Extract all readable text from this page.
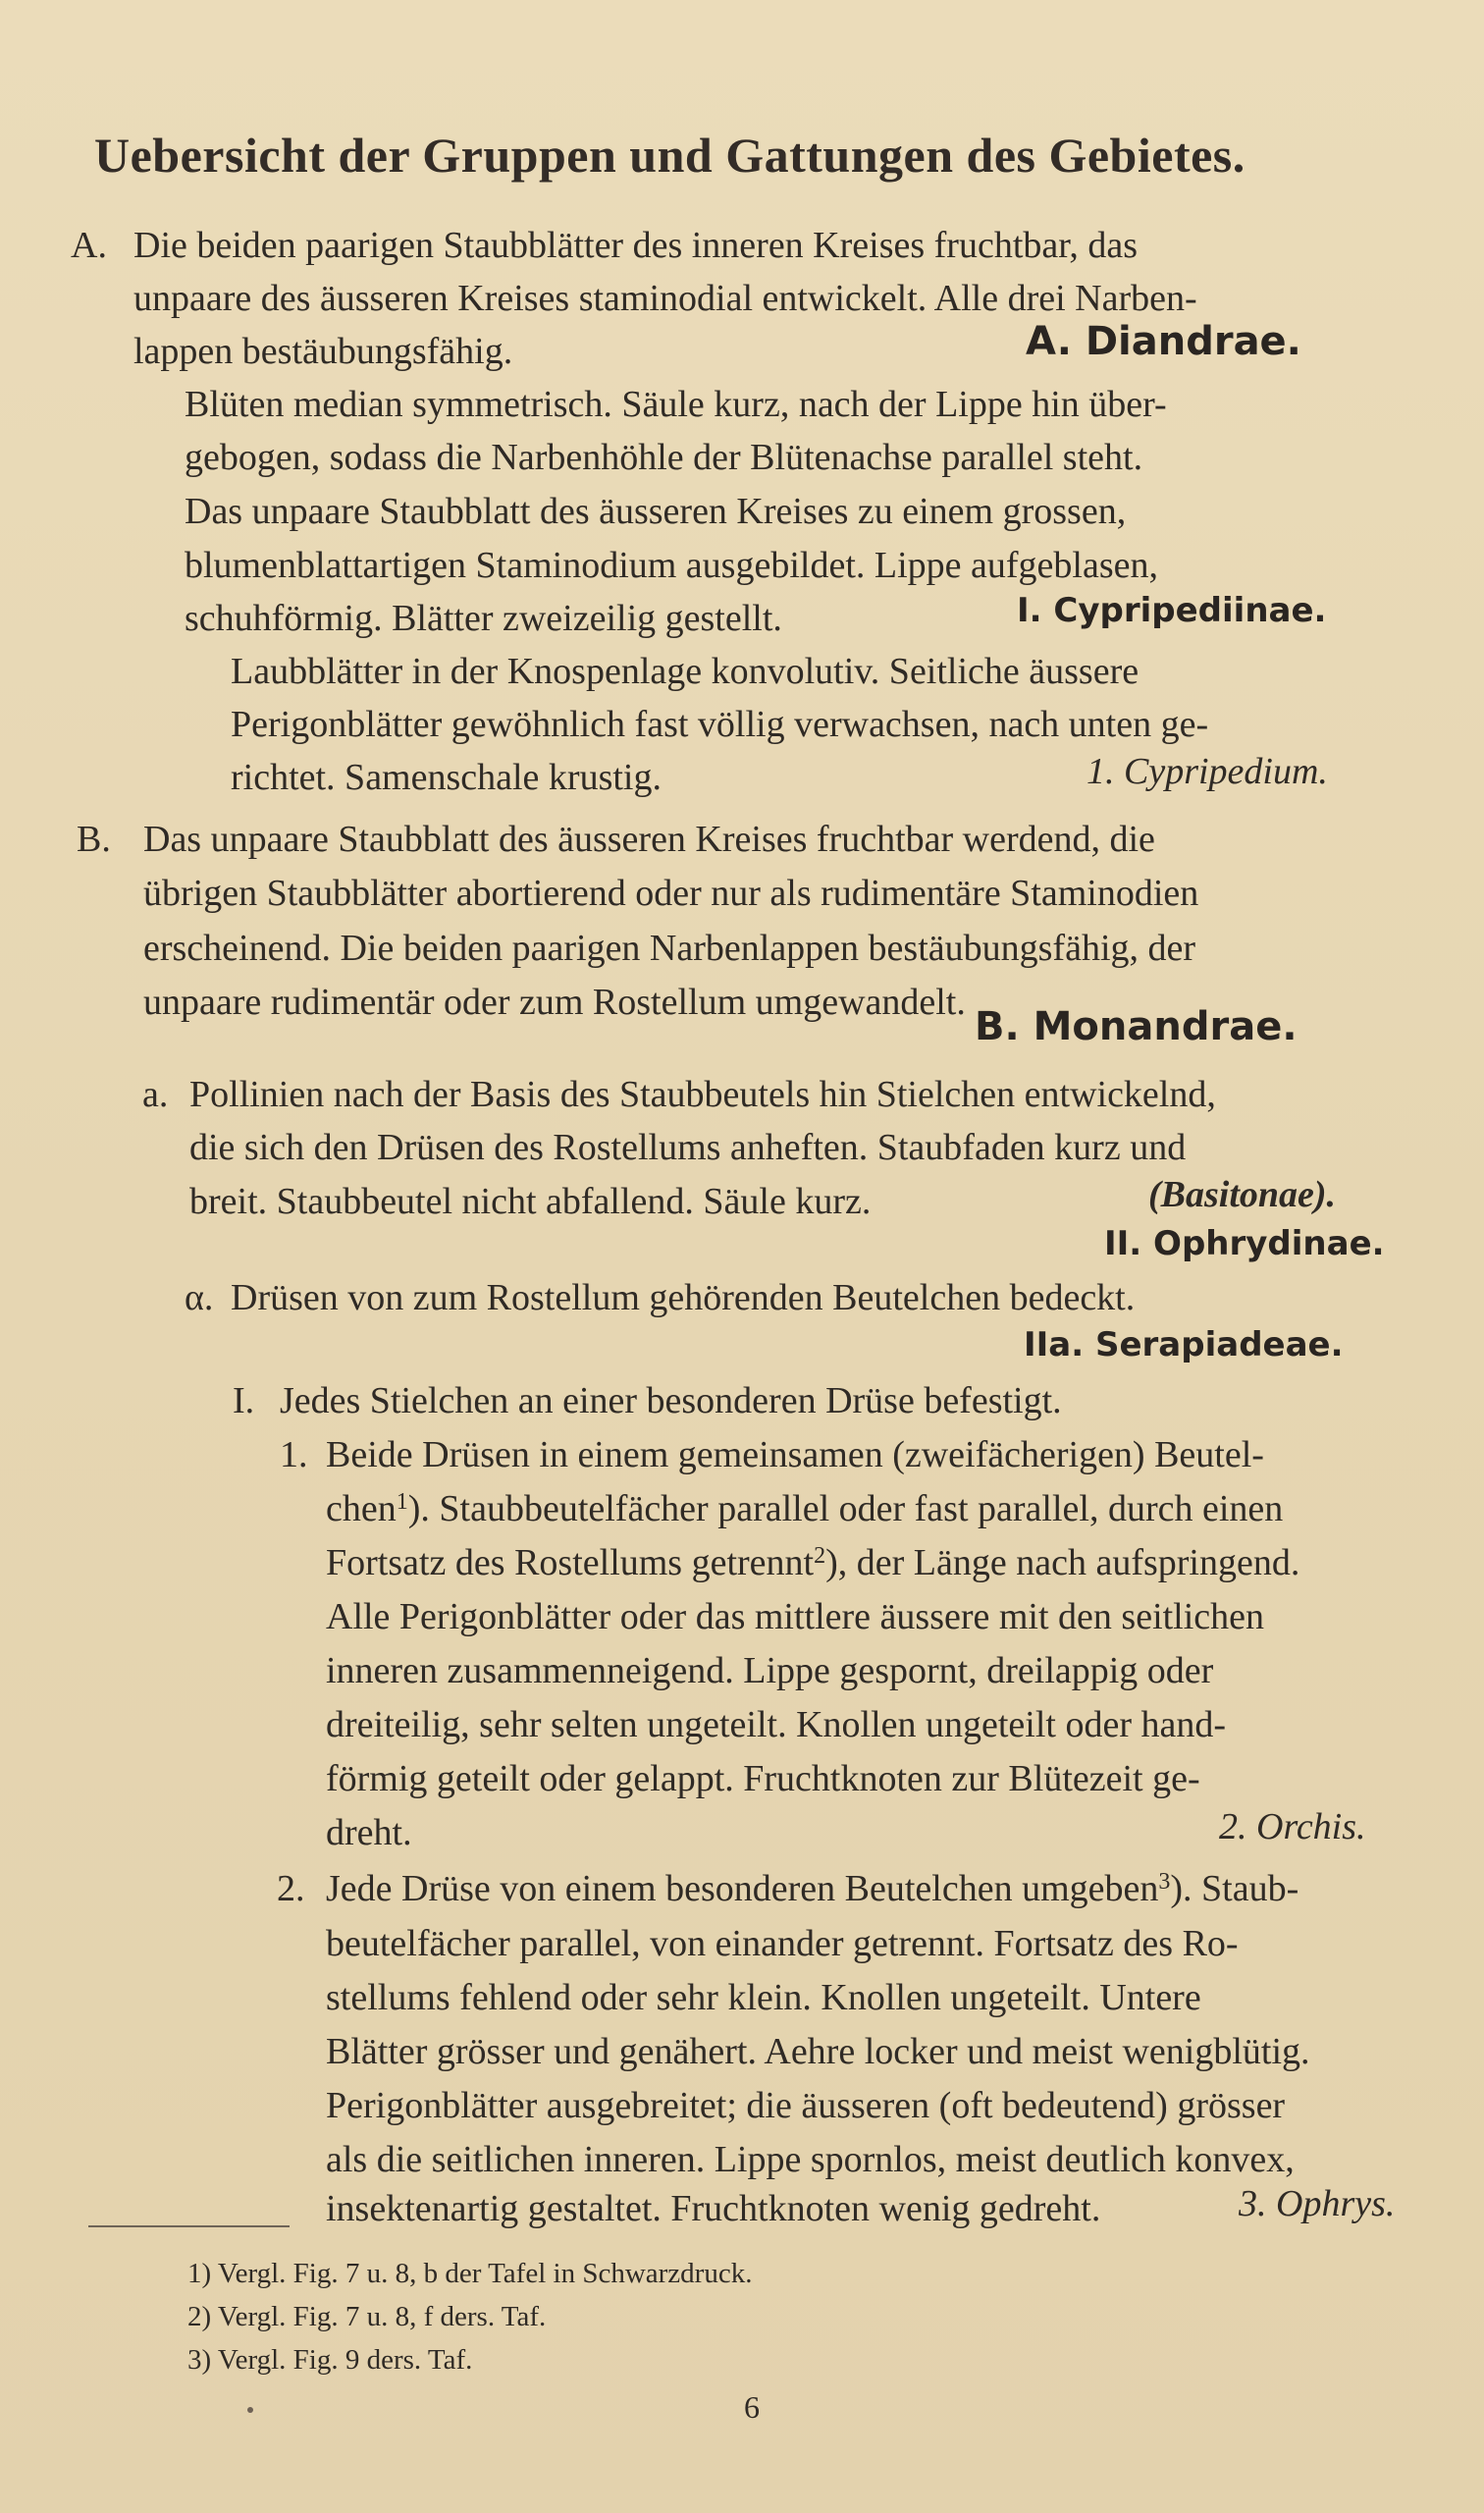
Uebersicht der Gruppen und Gattungen des Gebietes.
A. Die beiden paarigen Staubblätter des inneren Kreises fruchtbar, das
unpaare des äusseren Kreises staminodial entwickelt. Alle drei Narben-
lappen bestäubungsfähig.	A. Diandrae.
Blüten median symmetrisch. Säule kurz, nach der Lippe hin über-
gebogen, sodass die Narbenhöhle der Blütenachse parallel steht.
Das unpaare Staubblatt des äusseren Kreises zu einem grossen,
blumenblattartigen Staminodium ausgebildet. Lippe aufgeblasen,
schuhförmig. Blätter zweizeilig gestellt.	I. Cypripediinae.
Laubblätter in der Knospenlage konvolutiv. Seitliche äussere
Perigonblätter gewöhnlich fast völlig verwachsen, nach unten ge-
richtet. Samenschale krustig.	1. Cypripedium.
B. Das unpaare Staubblatt des äusseren Kreises fruchtbar werdend, die
übrigen Staubblätter abortierend oder nur als rudimentäre Staminodien
erscheinend. Die beiden paarigen Narbenlappen bestäubungsfähig, der
unpaare rudimentär oder zum Rostellum umgewandelt.
B. Monandrae.
a. Pollinien nach der Basis des Staubbeutels hin Stielchen entwickelnd,
die sich den Drüsen des Rostellums anheften. Staubfaden kurz und
breit. Staubbeutel nicht abfallend. Säule kurz.	(Basitonae).
II. Ophrydinae.
α. Drüsen von zum Rostellum gehörenden Beutelchen bedeckt.
IIa. Serapiadeae.
I. Jedes Stielchen an einer besonderen Drüse befestigt.
1. Beide Drüsen in einem gemeinsamen (zweifächerigen) Beutel-
chen$^1$). Staubbeutelfächer parallel oder fast parallel, durch einen
Fortsatz des Rostellums getrennt$^2$), der Länge nach aufspringend.
Alle Perigonblätter oder das mittlere äussere mit den seitlichen
inneren zusammenneigend. Lippe gespornt, dreilappig oder
dreiteilig, sehr selten ungeteilt. Knollen ungeteilt oder hand-
förmig geteilt oder gelappt. Fruchtknoten zur Blütezeit ge-
dreht.	2. Orchis.
2. Jede Drüse von einem besonderen Beutelchen umgeben$^3$). Staub-
beutelfächer parallel, von einander getrennt. Fortsatz des Ro-
stellums fehlend oder sehr klein. Knollen ungeteilt. Untere
Blätter grösser und genähert. Aehre locker und meist wenigblütig.
Perigonblätter ausgebreitet; die äusseren (oft bedeutend) grösser
als die seitlichen inneren. Lippe spornlos, meist deutlich konvex,
insektenartig gestaltet. Fruchtknoten wenig gedreht.	3. Ophrys.
1) Vergl. Fig. 7 u. 8, b der Tafel in Schwarzdruck.
2) Vergl. Fig. 7 u. 8, f ders. Taf.
3) Vergl. Fig. 9 ders. Taf.
6
